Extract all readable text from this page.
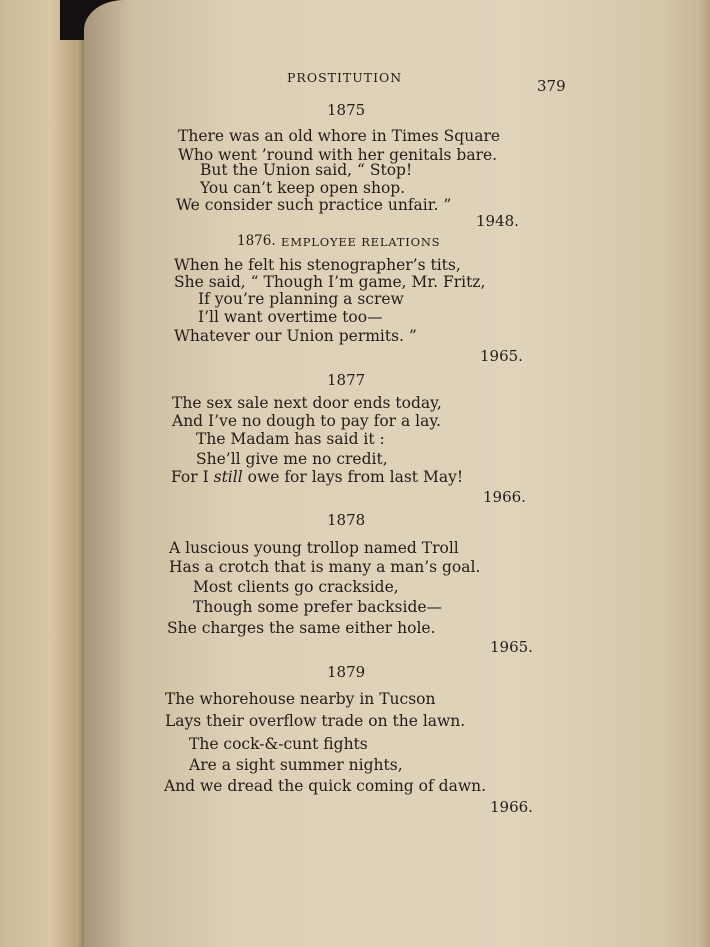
PROSTITUTION	379
1875
There was an old whore in Times Square
Who went ’round with her genitals bare.
But the Union said, “ Stop!
You can’t keep open shop.
We consider such practice unfair. ”
1948.
1876. EMPLOYEE RELATIONS
When he felt his stenographer’s tits,
She said, “ Though I’m game, Mr. Fritz,
If you’re planning a screw
I’ll want overtime too—
Whatever our Union permits. ”
1965.
1877
The sex sale next door ends today,
And I’ve no dough to pay for a lay.
The Madam has said it :
She’ll give me no credit,
For I still owe for lays from last May!
1966.
1878
A luscious young trollop named Troll
Has a crotch that is many a man’s goal.
Most clients go crackside,
Though some prefer backside—
She charges the same either hole.
1965.
1879
The whorehouse nearby in Tucson
Lays their overflow trade on the lawn.
The cock-&-cunt fights
Are a sight summer nights,
And we dread the quick coming of dawn.
1966.
